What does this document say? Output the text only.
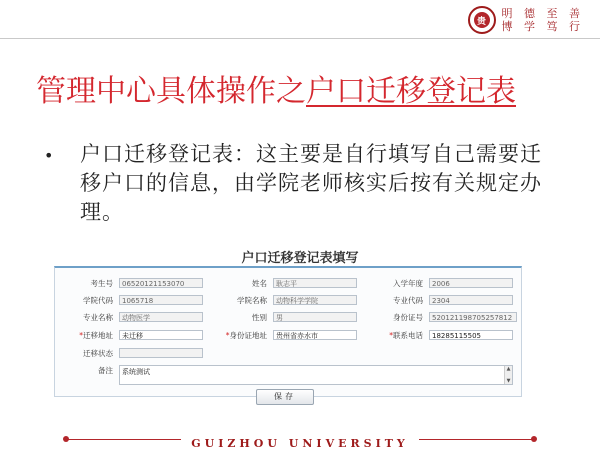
贵
明 德 至 善
博 学 笃 行
管理中心具体操作之户口迁移登记表
• 户口迁移登记表：这主要是自行填写自己需要迁移户口的信息，由学院老师核实后按有关规定办理。
户口迁移登记表填写
考生号	06520121153070	姓名	耿志平	入学年度	2006
学院代码	1065718	学院名称	动物科学学院	专业代码	2304
专业名称	动物医学	性别	男	身份证号	520121198705257812
*迁移地址	未迁移	*身份证地址	贵州省赤水市	*联系电话	18285115505
迁移状态
备注	系统测试	▲
▼
保存
GUIZHOU UNIVERSITY
